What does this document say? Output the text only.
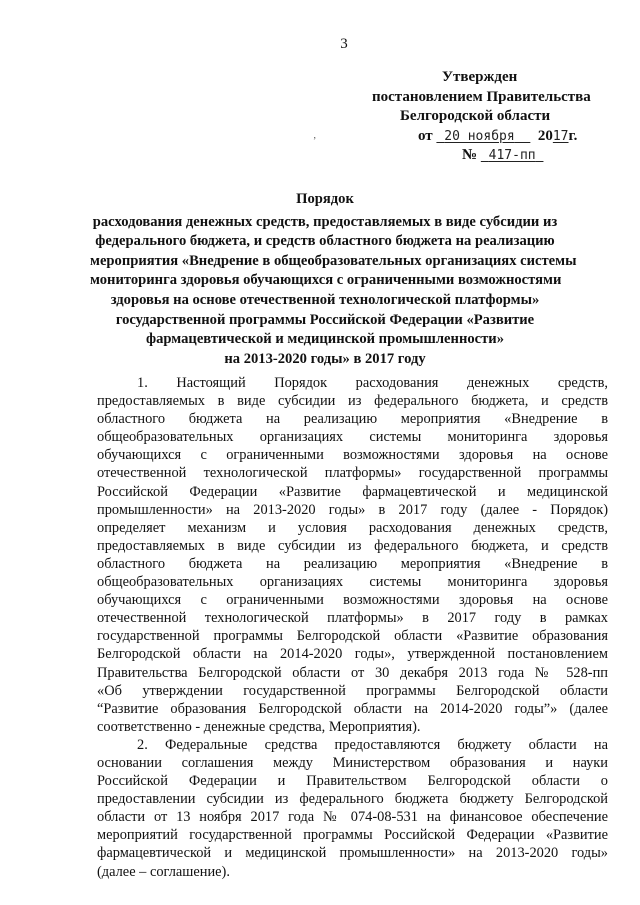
3
Утвержден
постановлением Правительства
Белгородской области
от 20 ноября 2017г.
№ 417-пп
‚
Порядок
расходования денежных средств, предоставляемых в виде субсидии из
федерального бюджета, и средств областного бюджета на реализацию
мероприятия «Внедрение в общеобразовательных организациях системы
мониторинга здоровья обучающихся с ограниченными возможностями
здоровья на основе отечественной технологической платформы»
государственной программы Российской Федерации «Развитие
фармацевтической и медицинской промышленности»
на 2013-2020 годы» в 2017 году

1. Настоящий Порядок расходования денежных средств,
предоставляемых в виде субсидии из федерального бюджета, и средств
областного бюджета на реализацию мероприятия «Внедрение в
общеобразовательных организациях системы мониторинга здоровья
обучающихся с ограниченными возможностями здоровья на основе
отечественной технологической платформы» государственной программы
Российской Федерации «Развитие фармацевтической и медицинской
промышленности» на 2013-2020 годы» в 2017 году (далее - Порядок)
определяет механизм и условия расходования денежных средств,
предоставляемых в виде субсидии из федерального бюджета, и средств
областного бюджета на реализацию мероприятия «Внедрение в
общеобразовательных организациях системы мониторинга здоровья
обучающихся с ограниченными возможностями здоровья на основе
отечественной технологической платформы» в 2017 году в рамках
государственной программы Белгородской области «Развитие образования
Белгородской области на 2014-2020 годы», утвержденной постановлением
Правительства Белгородской области от 30 декабря 2013 года № 528-пп
«Об утверждении государственной программы Белгородской области
“Развитие образования Белгородской области на 2014-2020 годы”» (далее
соответственно - денежные средства, Мероприятия).

2. Федеральные средства предоставляются бюджету области на
основании соглашения между Министерством образования и науки
Российской Федерации и Правительством Белгородской области о
предоставлении субсидии из федерального бюджета бюджету Белгородской
области от 13 ноября 2017 года № 074-08-531 на финансовое обеспечение
мероприятий государственной программы Российской Федерации «Развитие
фармацевтической и медицинской промышленности» на 2013-2020 годы»
(далее – соглашение).
